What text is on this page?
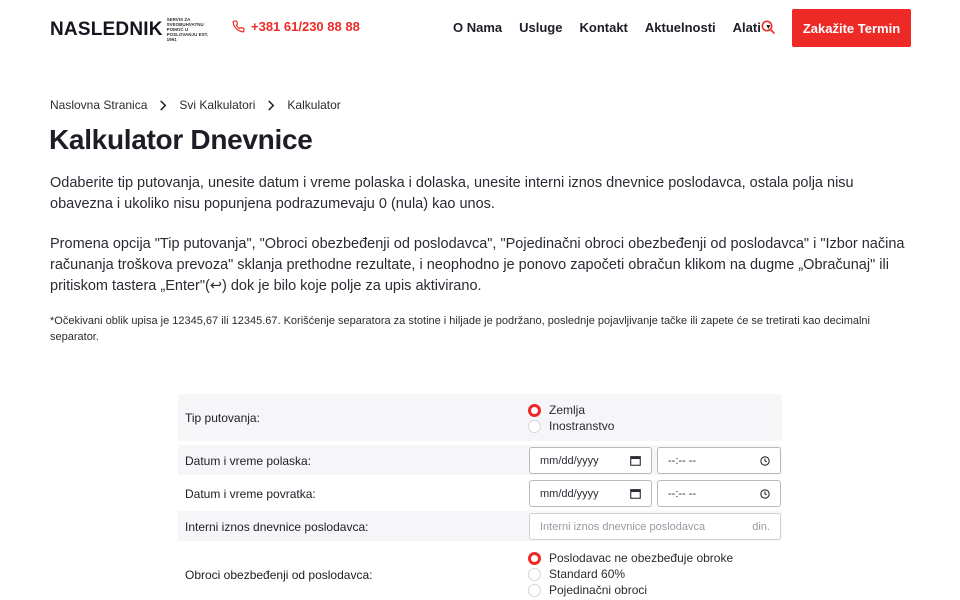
NASLEDNIK SERVIS ZA SVEOBUHVATNU POMOĆ U POSLOVANJU EST. 1991
+381 61/230 88 88	O Nama Usluge Kontakt Aktuelnosti Alati ▼	Zakažite Termin
Naslovna Stranica	Svi Kalkulatori	Kalkulator
Kalkulator Dnevnice

Odaberite tip putovanja, unesite datum i vreme polaska i dolaska, unesite interni iznos dnevnice poslodavca, ostala polja nisu obavezna i ukoliko nisu popunjena podrazumevaju 0 (nula) kao unos.

Promena opcija "Tip putovanja", "Obroci obezbeđenji od poslodavca", "Pojedinačni obroci obezbeđenji od poslodavca" i "Izbor načina računanja troškova prevoza" sklanja prethodne rezultate, i neophodno je ponovo započeti obračun klikom na dugme „Obračunaj" ili pritiskom tastera „Enter"(↩) dok je bilo koje polje za upis aktivirano.

*Očekivani oblik upisa je 12345,67 ili 12345.67. Korišćenje separatora za stotine i hiljade je podržano, poslednje pojavljivanje tačke ili zapete će se tretirati kao decimalni separator.

Tip putovanja:
Zemlja
Inostranstvo
Datum i vreme polaska:	mm/dd/yyyy	--:-- --
Datum i vreme povratka:	mm/dd/yyyy	--:-- --
Interni iznos dnevnice poslodavca:	Interni iznos dnevnice poslodavca	din.
Obroci obezbeđenji od poslodavca:
Poslodavac ne obezbeđuje obroke
Standard 60%
Pojedinačni obroci
